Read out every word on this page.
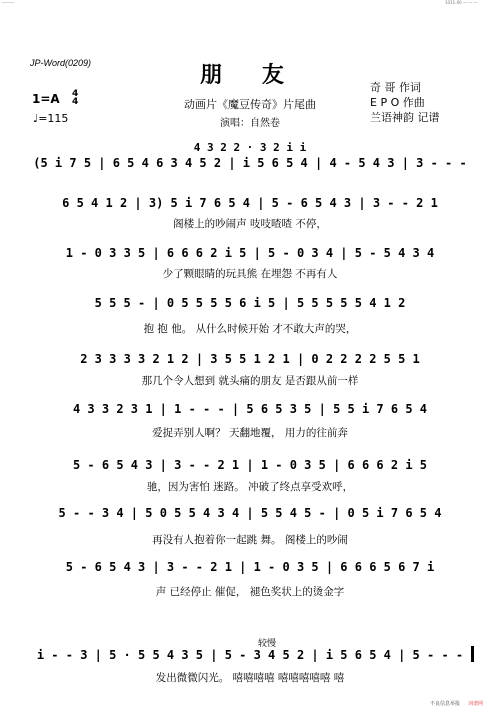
———	1011-00 — — —
JP-Word(0209)	朋 友
动画片《魔豆传奇》片尾曲
演唱：自然卷
奇 哥 作词
E P O 作曲
兰语神韵 记谱
1=A 4
4
♩=115
4 3 2 2 · 3 2 i i
(5 i 7 5 | 6 5 4 6 3 4 5 2 | i 5 6 5 4 | 4 - 5 4 3 | 3 - - -
6 5 4 1 2 | 3) 5 i 7 6 5 4 | 5 - 6 5 4 3 | 3 - - 2 1
阁楼上的吵闹声 吱吱喳喳 不停，
1 - 0 3 3 5 | 6 6 6 2 i 5 | 5 - 0 3 4 | 5 - 5 4 3 4
少了颗眼睛的玩具熊 在埋怨 不再有人
5 5 5 - | 0 5 5 5 5 6 i 5 | 5 5 5 5 5 4 1 2
抱 抱 他。 从什么时候开始 才不敢大声的哭，
2 3 3 3 3 2 1 2 | 3 5 5 1 2 1 | 0 2 2 2 2 5 5 1
那几个令人想到 就头痛的朋友 是否跟从前一样
4 3 3 2 3 1 | 1 - - - | 5 6 5 3 5 | 5 5 i 7 6 5 4
爱捉弄别人啊？ 天翻地覆， 用力的往前奔
5 - 6 5 4 3 | 3 - - 2 1 | 1 - 0 3 5 | 6 6 6 2 i 5
驰，因为害怕 迷路。 冲破了终点享受欢呼，
5 - - 3 4 | 5 0 5 5 4 3 4 | 5 5 4 5 - | 0 5 i 7 6 5 4
再没有人抱着你一起跳 舞。 阁楼上的吵闹
5 - 6 5 4 3 | 3 - - 2 1 | 1 - 0 3 5 | 6 6 6 5 6 7 i
声 已经停止 催促， 褪色奖状上的烫金字
i - - 3 | 5 · 5 5 4 3 5 | 5 - 3 4 5 2 | i 5 6 5 4 | 5 - - -
发出微微闪光。 嘻嘻嘻嘻 嘻嘻嘻嘻嘻 嘻
较慢
不良信息举报 词谱网
